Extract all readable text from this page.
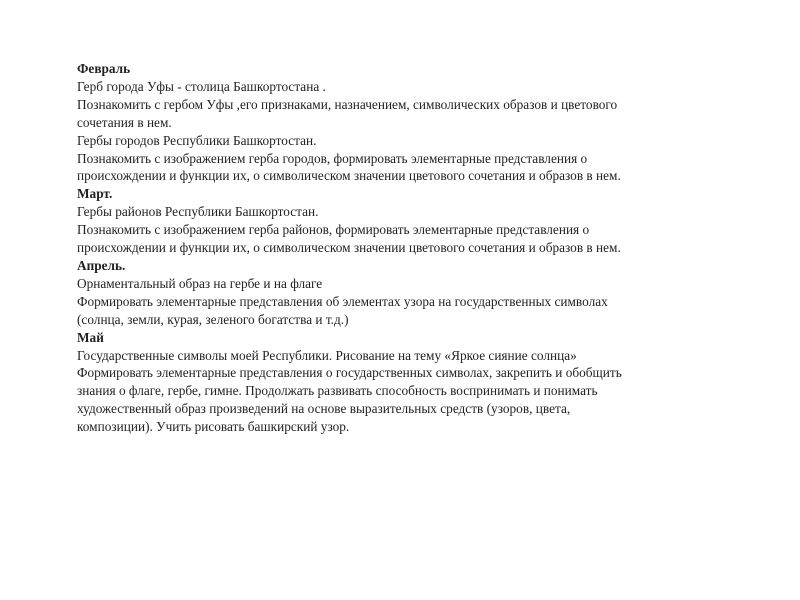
Февраль
Герб города Уфы - столица Башкортостана .
Познакомить с гербом Уфы ,его признаками, назначением, символических образов и цветового
сочетания в нем.
Гербы городов Республики Башкортостан.
Познакомить с изображением герба городов, формировать элементарные представления о
происхождении и функции их, о символическом значении цветового сочетания и образов в нем.
Март.
Гербы районов Республики Башкортостан.
Познакомить с изображением герба районов, формировать элементарные представления о
происхождении и функции их, о символическом значении цветового сочетания и образов в нем.
Апрель.
Орнаментальный образ на гербе и на флаге
Формировать элементарные представления об элементах узора на государственных символах
(солнца, земли, курая, зеленого богатства и т.д.)
Май
Государственные символы моей Республики. Рисование на тему «Яркое сияние солнца»
Формировать элементарные представления о государственных символах, закрепить и обобщить
знания о флаге, гербе, гимне. Продолжать развивать способность воспринимать и понимать
художественный образ произведений на основе выразительных средств (узоров, цвета,
композиции). Учить рисовать башкирский узор.
